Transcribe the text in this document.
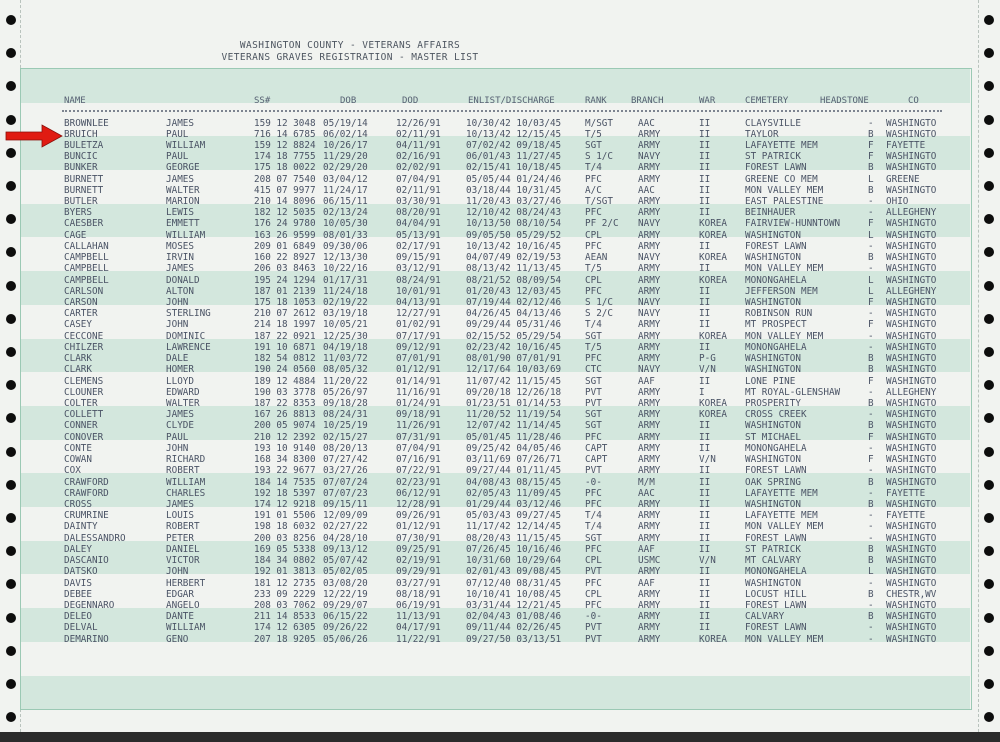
WASHINGTON COUNTY - VETERANS AFFAIRS
VETERANS GRAVES REGISTRATION - MASTER LIST
NAME	SS#	DOB	DOD	ENLIST/DISCHARGE	RANK	BRANCH	WAR	CEMETERY	HEADSTONE	CO
BROWNLEE	JAMES	159 12 3048 05/19/14	12/26/91	10/30/42 10/03/45	M/SGT	AAC	II	CLAYSVILLE	- WASHINGTO
BRUICH	PAUL	716 14 6785 06/02/14	02/11/91	10/13/42 12/15/45	T/5	ARMY	II	TAYLOR	B WASHINGTO
BULETZA	WILLIAM	159 12 8824 10/26/17	04/11/91	07/02/42 09/18/45	SGT	ARMY	II	LAFAYETTE MEM	F FAYETTE
BUNCIC	PAUL	174 18 7755 11/29/20	02/16/91	06/01/43 11/27/45	S 1/C	NAVY	II	ST PATRICK	F WASHINGTO
BUNKER	GEORGE	175 18 0022 02/29/20	02/02/91	02/15/41 10/18/45	T/4	ARMY	II	FOREST LAWN	B WASHINGTO
BURNETT	JAMES	208 07 7540 03/04/12	07/04/91	05/05/44 01/24/46	PFC	ARMY	II	GREENE CO MEM	L GREENE
BURNETT	WALTER	415 07 9977 11/24/17	02/11/91	03/18/44 10/31/45	A/C	AAC	II	MON VALLEY MEM	B WASHINGTO
BUTLER	MARION	210 14 8096 06/15/11	03/30/91	11/20/43 03/27/46	T/SGT	ARMY	II	EAST PALESTINE	- OHIO
BYERS	LEWIS	182 12 5035 02/13/24	08/20/91	12/10/42 08/24/43	PFC	ARMY	II	BEINHAUER	- ALLEGHENY
CAESBER	EMMETT	176 24 9780 10/05/30	04/04/91	10/13/50 08/10/54	PF 2/C NAVY	KOREA FAIRVIEW-HUNNTOWN	F WASHINGTO
CAGE	WILLIAM	163 26 9599 08/01/33	05/13/91	09/05/50 05/29/52	CPL	ARMY	KOREA WASHINGTON	L WASHINGTO
CALLAHAN	MOSES	209 01 6849 09/30/06	02/17/91	10/13/42 10/16/45	PFC	ARMY	II	FOREST LAWN	- WASHINGTO
CAMPBELL	IRVIN	160 22 8927 12/13/30	09/15/91	04/07/49 02/19/53	AEAN	NAVY	KOREA WASHINGTON	B WASHINGTO
CAMPBELL	JAMES	206 03 8463 10/22/16	03/12/91	08/13/42 11/13/45	T/5	ARMY	II	MON VALLEY MEM	- WASHINGTO
CAMPBELL	DONALD	195 24 1294 01/17/31	08/24/91	08/21/52 08/09/54	CPL	ARMY	KOREA MONONGAHELA	L WASHINGTO
CARLSON	ALTON	187 01 2139 11/24/18	10/01/91	01/20/43 12/03/45	PFC	ARMY	II	JEFFERSON MEM	L ALLEGHENY
CARSON	JOHN	175 18 1053 02/19/22	04/13/91	07/19/44 02/12/46	S 1/C	NAVY	II	WASHINGTON	F WASHINGTO
CARTER	STERLING	210 07 2612 03/19/18	12/27/91	04/26/45 04/13/46	S 2/C	NAVY	II	ROBINSON RUN	- WASHINGTO
CASEY	JOHN	214 18 1997 10/05/21	01/02/91	09/29/44 05/31/46	T/4	ARMY	II	MT PROSPECT	F WASHINGTO
CECCONE	DOMINIC	187 22 0921 12/25/30	07/17/91	02/15/52 05/29/54	SGT	ARMY	KOREA MON VALLEY MEM	- WASHINGTO
CHILZER	LAWRENCE	191 10 6871 04/19/18	09/12/91	02/23/42 10/16/45	T/5	ARMY	II	MONONGAHELA	- WASHINGTO
CLARK	DALE	182 54 0812 11/03/72	07/01/91	08/01/90 07/01/91	PFC	ARMY	P-G	WASHINGTON	B WASHINGTO
CLARK	HOMER	190 24 0560 08/05/32	01/12/91	12/17/64 10/03/69	CTC	NAVY	V/N	WASHINGTON	B WASHINGTO
CLEMENS	LLOYD	189 12 4884 11/20/22	01/14/91	11/07/42 11/15/45	SGT	AAF	II	LONE PINE	F WASHINGTO
CLOUNER	EDWARD	190 03 3778 05/26/97	11/16/91	09/20/18 12/26/18	PVT	ARMY	I	MT ROYAL-GLENSHAW	- ALLEGHENY
COLTER	WALTER	187 22 8353 09/18/28	01/24/91	01/23/51 01/14/53	PVT	ARMY	KOREA PROSPERITY	B WASHINGTO
COLLETT	JAMES	167 26 8813 08/24/31	09/18/91	11/20/52 11/19/54	SGT	ARMY	KOREA CROSS CREEK	- WASHINGTO
CONNER	CLYDE	200 05 9074 10/25/19	11/26/91	12/07/42 11/14/45	SGT	ARMY	II	WASHINGTON	B WASHINGTO
CONOVER	PAUL	210 12 2392 02/15/27	07/31/91	05/01/45 11/28/46	PFC	ARMY	II	ST MICHAEL	F WASHINGTO
CONTE	JOHN	193 10 9140 08/20/13	07/04/91	09/25/42 04/05/46	CAPT	ARMY	II	MONONGAHELA	- WASHINGTO
COWAN	RICHARD	168 34 8300 07/27/42	07/16/91	03/11/69 07/26/71	CAPT	ARMY	V/N	WASHINGTON	F WASHINGTO
COX	ROBERT	193 22 9677 03/27/26	07/22/91	09/27/44 01/11/45	PVT	ARMY	II	FOREST LAWN	- WASHINGTO
CRAWFORD	WILLIAM	184 14 7535 07/07/24	02/23/91	04/08/43 08/15/45	-0-	M/M	II	OAK SPRING	B WASHINGTO
CRAWFORD	CHARLES	192 18 5397 07/07/23	06/12/91	02/05/43 11/09/45	PFC	AAC	II	LAFAYETTE MEM	- FAYETTE
CROSS	JAMES	174 12 9218 09/15/11	12/28/91	01/29/44 03/12/46	PFC	ARMY	II	WASHINGTON	B WASHINGTO
CRUMRINE	LOUIS	191 01 5506 12/09/09	09/26/91	05/03/43 09/27/45	T/4	ARMY	II	LAFAYETTE MEM	- FAYETTE
DAINTY	ROBERT	198 18 6032 02/27/22	01/12/91	11/17/42 12/14/45	T/4	ARMY	II	MON VALLEY MEM	- WASHINGTO
DALESSANDRO	PETER	200 03 8256 04/28/10	07/30/91	08/20/43 11/15/45	SGT	ARMY	II	FOREST LAWN	- WASHINGTO
DALEY	DANIEL	169 05 5338 09/13/12	09/25/91	07/26/45 10/16/46	PFC	AAF	II	ST PATRICK	B WASHINGTO
DASCANIO	VICTOR	184 34 0802 05/07/42	02/19/91	10/31/60 10/29/64	CPL	USMC	V/N	MT CALVARY	B WASHINGTO
DATSKO	JOHN	192 01 3813 05/02/05	09/29/91	02/01/43 09/08/45	PVT	ARMY	II	MONONGAHELA	L WASHINGTO
DAVIS	HERBERT	181 12 2735 03/08/20	03/27/91	07/12/40 08/31/45	PFC	AAF	II	WASHINGTON	- WASHINGTO
DEBEE	EDGAR	233 09 2229 12/22/19	08/18/91	10/10/41 10/08/45	CPL	ARMY	II	LOCUST HILL	B CHESTR,WV
DEGENNARO	ANGELO	208 03 7062 09/29/07	06/19/91	03/31/44 12/21/45	PFC	ARMY	II	FOREST LAWN	- WASHINGTO
DELEO	DANTE	211 14 8533 06/15/22	11/13/91	02/04/43 01/08/46	-0-	ARMY	II	CALVARY	B WASHINGTO
DELVAL	WILLIAM	174 12 6305 09/26/22	04/17/91	09/11/44 02/26/45	PVT	ARMY	II	FOREST LAWN	- WASHINGTO
DEMARINO	GENO	207 18 9205 05/06/26	11/22/91	09/27/50 03/13/51	PVT	ARMY	KOREA MON VALLEY MEM	- WASHINGTO
